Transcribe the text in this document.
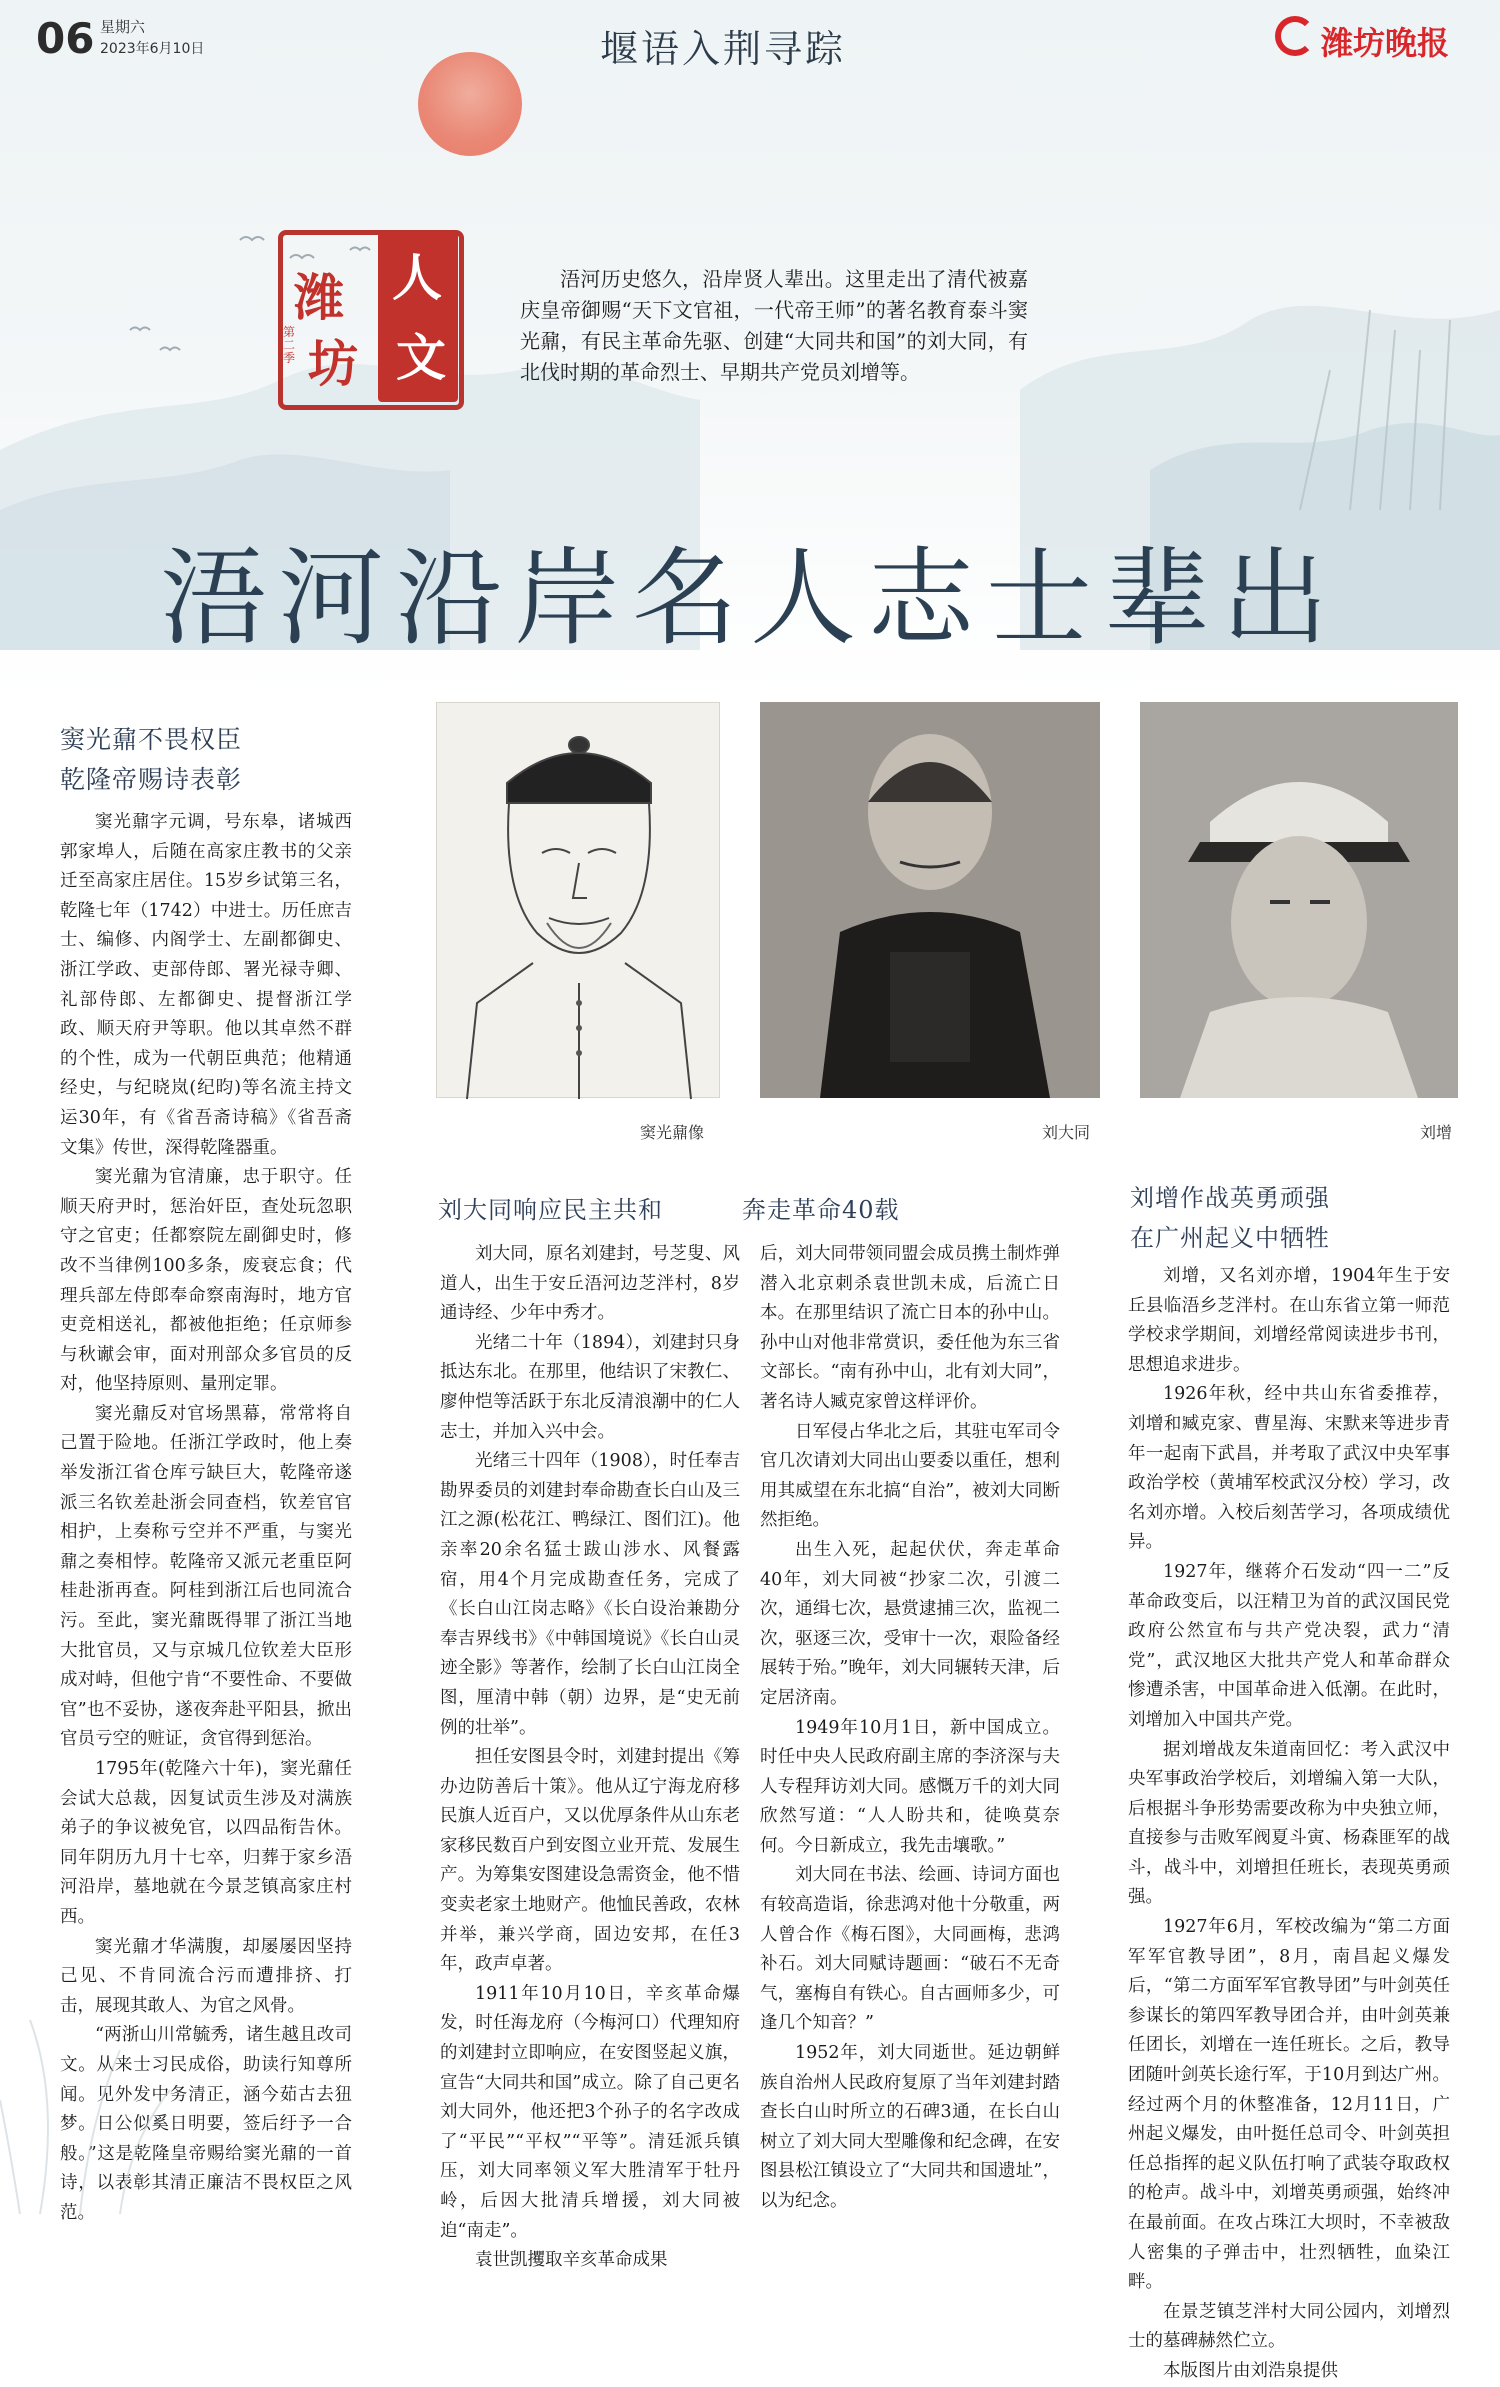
06 星期六
2023年6月10日	堰语入荆寻踪	潍坊晚报
潍
坊
人
文
第二季
浯河历史悠久，沿岸贤人辈出。这里走出了清代被嘉庆皇帝御赐“天下文官祖，一代帝王师”的著名教育泰斗窦光鼐，有民主革命先驱、创建“大同共和国”的刘大同，有北伐时期的革命烈士、早期共产党员刘增等。
浯河沿岸名人志士辈出
窦光鼐像	刘大同	刘增

窦光鼐不畏权臣

乾隆帝赐诗表彰

窦光鼐字元调，号东皋，诸城西郭家埠人，后随在高家庄教书的父亲迁至高家庄居住。15岁乡试第三名，乾隆七年（1742）中进士。历任庶吉士、编修、内阁学士、左副都御史、浙江学政、吏部侍郎、署光禄寺卿、礼部侍郎、左都御史、提督浙江学政、顺天府尹等职。他以其卓然不群的个性，成为一代朝臣典范；他精通经史，与纪晓岚(纪昀)等名流主持文运30年，有《省吾斋诗稿》《省吾斋文集》传世，深得乾隆器重。

窦光鼐为官清廉，忠于职守。任顺天府尹时，惩治奸臣，查处玩忽职守之官吏；任都察院左副御史时，修改不当律例100多条，废衰忘食；代理兵部左侍郎奉命察南海时，地方官吏竞相送礼，都被他拒绝；任京师参与秋谳会审，面对刑部众多官员的反对，他坚持原则、量刑定罪。

窦光鼐反对官场黑幕，常常将自己置于险地。任浙江学政时，他上奏举发浙江省仓库亏缺巨大，乾隆帝遂派三名钦差赴浙会同查档，钦差官官相护，上奏称亏空并不严重，与窦光鼐之奏相悖。乾隆帝又派元老重臣阿桂赴浙再查。阿桂到浙江后也同流合污。至此，窦光鼐既得罪了浙江当地大批官员，又与京城几位钦差大臣形成对峙，但他宁肯“不要性命、不要做官”也不妥协，遂夜奔赴平阳县，掀出官员亏空的赃证，贪官得到惩治。

1795年(乾隆六十年)，窦光鼐任会试大总裁，因复试贡生涉及对满族弟子的争议被免官，以四品衔告休。同年阴历九月十七卒，归葬于家乡浯河沿岸，墓地就在今景芝镇高家庄村西。

窦光鼐才华满腹，却屡屡因坚持己见、不肯同流合污而遭排挤、打击，展现其敢人、为官之风骨。

“两浙山川常毓秀，诸生越且改司文。从来士习民成俗，助读行知尊所闻。见外发中务清正，涵今茹古去狃梦。日公似奚日明要，签后纡予一合般。”这是乾隆皇帝赐给窦光鼐的一首诗，以表彰其清正廉洁不畏权臣之风范。

刘大同响应民主共和	奔走革命40载

刘大同，原名刘建封，号芝叟、风道人，出生于安丘浯河边芝泮村，8岁通诗经、少年中秀才。

光绪二十年（1894），刘建封只身抵达东北。在那里，他结识了宋教仁、廖仲恺等活跃于东北反清浪潮中的仁人志士，并加入兴中会。

光绪三十四年（1908），时任奉吉勘界委员的刘建封奉命勘查长白山及三江之源(松花江、鸭绿江、图们江)。他亲率20余名猛士跋山涉水、风餐露宿，用4个月完成勘查任务，完成了《长白山江岗志略》《长白设治兼勘分奉吉界线书》《中韩国境说》《长白山灵迹全影》等著作，绘制了长白山江岗全图，厘清中韩（朝）边界，是“史无前例的壮举”。

担任安图县令时，刘建封提出《筹办边防善后十策》。他从辽宁海龙府移民旗人近百户，又以优厚条件从山东老家移民数百户到安图立业开荒、发展生产。为筹集安图建设急需资金，他不惜变卖老家土地财产。他恤民善政，农林并举，兼兴学商，固边安邦，在任3年，政声卓著。

1911年10月10日，辛亥革命爆发，时任海龙府（今梅河口）代理知府的刘建封立即响应，在安图竖起义旗，宣告“大同共和国”成立。除了自己更名刘大同外，他还把3个孙子的名字改成了“平民”“平权”“平等”。清廷派兵镇压，刘大同率领义军大胜清军于牡丹岭，后因大批清兵增援，刘大同被迫“南走”。

袁世凯攫取辛亥革命成果

后，刘大同带领同盟会成员携土制炸弹潜入北京刺杀袁世凯未成，后流亡日本。在那里结识了流亡日本的孙中山。孙中山对他非常赏识，委任他为东三省文部长。“南有孙中山，北有刘大同”，著名诗人臧克家曾这样评价。

日军侵占华北之后，其驻屯军司令官几次请刘大同出山要委以重任，想利用其威望在东北搞“自治”，被刘大同断然拒绝。

出生入死，起起伏伏，奔走革命40年，刘大同被“抄家二次，引渡二次，通缉七次，悬赏逮捕三次，监视二次，驱逐三次，受审十一次，艰险备经展转于殆。”晚年，刘大同辗转天津，后定居济南。

1949年10月1日，新中国成立。时任中央人民政府副主席的李济深与夫人专程拜访刘大同。感慨万千的刘大同欣然写道：“人人盼共和，徒唤莫奈何。今日新成立，我先击壤歌。”

刘大同在书法、绘画、诗词方面也有较高造诣，徐悲鸿对他十分敬重，两人曾合作《梅石图》，大同画梅，悲鸿补石。刘大同赋诗题画：“破石不无奇气，塞梅自有铁心。自古画师多少，可逢几个知音？”

1952年，刘大同逝世。延边朝鲜族自治州人民政府复原了当年刘建封踏查长白山时所立的石碑3通，在长白山树立了刘大同大型雕像和纪念碑，在安图县松江镇设立了“大同共和国遗址”，以为纪念。

刘增作战英勇顽强
在广州起义中牺牲

刘增，又名刘亦增，1904年生于安丘县临浯乡芝泮村。在山东省立第一师范学校求学期间，刘增经常阅读进步书刊，思想追求进步。

1926年秋，经中共山东省委推荐，刘增和臧克家、曹星海、宋默来等进步青年一起南下武昌，并考取了武汉中央军事政治学校（黄埔军校武汉分校）学习，改名刘亦增。入校后刻苦学习，各项成绩优异。

1927年，继蒋介石发动“四一二”反革命政变后，以汪精卫为首的武汉国民党政府公然宣布与共产党决裂，武力“清党”，武汉地区大批共产党人和革命群众惨遭杀害，中国革命进入低潮。在此时，刘增加入中国共产党。

据刘增战友朱道南回忆：考入武汉中央军事政治学校后，刘增编入第一大队，后根据斗争形势需要改称为中央独立师，直接参与击败军阀夏斗寅、杨森匪军的战斗，战斗中，刘增担任班长，表现英勇顽强。

1927年6月，军校改编为“第二方面军军官教导团”，8月，南昌起义爆发后，“第二方面军军官教导团”与叶剑英任参谋长的第四军教导团合并，由叶剑英兼任团长，刘增在一连任班长。之后，教导团随叶剑英长途行军，于10月到达广州。经过两个月的休整准备，12月11日，广州起义爆发，由叶挺任总司令、叶剑英担任总指挥的起义队伍打响了武装夺取政权的枪声。战斗中，刘增英勇顽强，始终冲在最前面。在攻占珠江大坝时，不幸被敌人密集的子弹击中，壮烈牺牲，血染江畔。

在景芝镇芝泮村大同公园内，刘增烈士的墓碑赫然伫立。

本版图片由刘浩泉提供
